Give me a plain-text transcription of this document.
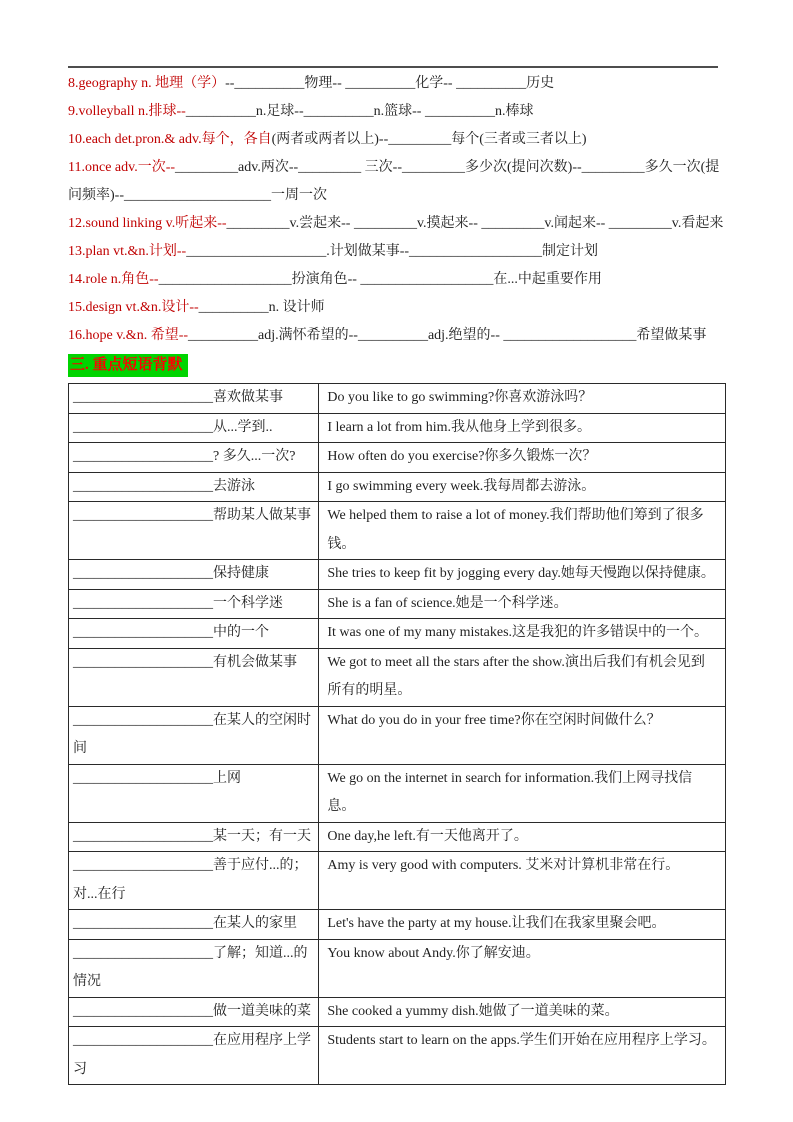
8.geography n. 地理（学）--__________物理-- __________化学-- __________历史

9.volleyball n.排球--__________n.足球--__________n.篮球-- __________n.棒球

10.each det.pron.& adv.每个，各自(两者或两者以上)--_________每个(三者或三者以上)

11.once adv.一次--_________adv.两次--_________ 三次--_________多少次(提问次数)--_________多久一次(提问频率)--_____________________一周一次

12.sound linking v.听起来--_________v.尝起来-- _________v.摸起来-- _________v.闻起来-- _________v.看起来

13.plan vt.&n.计划--____________________.计划做某事--___________________制定计划

14.role n.角色--___________________扮演角色-- ___________________在...中起重要作用

15.design vt.&n.设计--__________n. 设计师

16.hope v.&n. 希望--__________adj.满怀希望的--__________adj.绝望的-- ___________________希望做某事

三. 重点短语背默
____________________喜欢做某事	Do you like to go swimming?你喜欢游泳吗？
____________________从...学到..	I learn a lot from him.我从他身上学到很多。
____________________? 多久...一次?	How often do you exercise?你多久锻炼一次？
____________________去游泳	I go swimming every week.我每周都去游泳。
____________________帮助某人做某事	We helped them to raise a lot of money.我们帮助他们筹到了很多钱。
____________________保持健康	She tries to keep fit by jogging every day.她每天慢跑以保持健康。
____________________一个科学迷	She is a fan of science.她是一个科学迷。
____________________中的一个	It was one of my many mistakes.这是我犯的许多错误中的一个。
____________________有机会做某事	We got to meet all the stars after the show.演出后我们有机会见到所有的明星。
____________________在某人的空闲时间	What do you do in your free time?你在空闲时间做什么？
____________________上网	We go on the internet in search for information.我们上网寻找信息。
____________________某一天；有一天	One day,he left.有一天他离开了。
____________________善于应付...的；对...在行	Amy is very good with computers. 艾米对计算机非常在行。
____________________在某人的家里	Let's have the party at my house.让我们在我家里聚会吧。
____________________了解；知道...的情况	You know about Andy.你了解安迪。
____________________做一道美味的菜	She cooked a yummy dish.她做了一道美味的菜。
____________________在应用程序上学习	Students start to learn on the apps.学生们开始在应用程序上学习。
